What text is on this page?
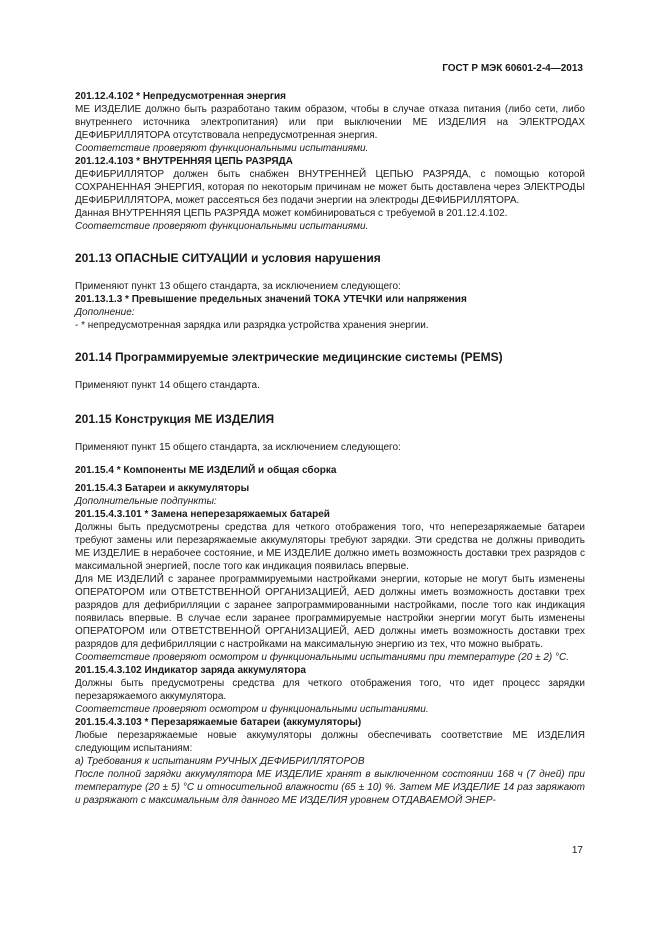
ГОСТ Р МЭК 60601-2-4—2013

201.12.4.102 * Непредусмотренная энергия

МЕ ИЗДЕЛИЕ должно быть разработано таким образом, чтобы в случае отказа питания (либо сети, либо внутреннего источника электропитания) или при выключении МЕ ИЗДЕЛИЯ на ЭЛЕКТРОДАХ ДЕФИБРИЛЛЯТОРА отсутствовала непредусмотренная энергия.

Соответствие проверяют функциональными испытаниями.

201.12.4.103 * ВНУТРЕННЯЯ ЦЕПЬ РАЗРЯДА

ДЕФИБРИЛЛЯТОР должен быть снабжен ВНУТРЕННЕЙ ЦЕПЬЮ РАЗРЯДА, с помощью которой СОХРАНЕННАЯ ЭНЕРГИЯ, которая по некоторым причинам не может быть доставлена через ЭЛЕКТРОДЫ ДЕФИБРИЛЛЯТОРА, может рассеяться без подачи энергии на электроды ДЕФИБРИЛЛЯТОРА.

Данная ВНУТРЕННЯЯ ЦЕПЬ РАЗРЯДА может комбинироваться с требуемой в 201.12.4.102.

Соответствие проверяют функциональными испытаниями.

201.13 ОПАСНЫЕ СИТУАЦИИ и условия нарушения

Применяют пункт 13 общего стандарта, за исключением следующего:

201.13.1.3 * Превышение предельных значений ТОКА УТЕЧКИ или напряжения

Дополнение:

- * непредусмотренная зарядка или разрядка устройства хранения энергии.

201.14 Программируемые электрические медицинские системы (PEMS)

Применяют пункт 14 общего стандарта.

201.15 Конструкция МЕ ИЗДЕЛИЯ

Применяют пункт 15 общего стандарта, за исключением следующего:

201.15.4 * Компоненты МЕ ИЗДЕЛИЙ и общая сборка

201.15.4.3 Батареи и аккумуляторы

Дополнительные подпункты:

201.15.4.3.101 * Замена неперезаряжаемых батарей

Должны быть предусмотрены средства для четкого отображения того, что неперезаряжаемые батареи требуют замены или перезаряжаемые аккумуляторы требуют зарядки. Эти средства не должны приводить МЕ ИЗДЕЛИЕ в нерабочее состояние, и МЕ ИЗДЕЛИЕ должно иметь возможность доставки трех разрядов с максимальной энергией, после того как индикация появилась впервые.

Для МЕ ИЗДЕЛИЙ с заранее программируемыми настройками энергии, которые не могут быть изменены ОПЕРАТОРОМ или ОТВЕТСТВЕННОЙ ОРГАНИЗАЦИЕЙ, AED должны иметь возможность доставки трех разрядов для дефибрилляции с заранее запрограммированными настройками, после того как индикация появилась впервые. В случае если заранее программируемые настройки энергии могут быть изменены ОПЕРАТОРОМ или ОТВЕТСТВЕННОЙ ОРГАНИЗАЦИЕЙ, AED должны иметь возможность доставки трех разрядов для дефибрилляции с настройками на максимальную энергию из тех, что можно выбрать.

Соответствие проверяют осмотром и функциональными испытаниями при температуре (20 ± 2) °С.

201.15.4.3.102 Индикатор заряда аккумулятора

Должны быть предусмотрены средства для четкого отображения того, что идет процесс зарядки перезаряжаемого аккумулятора.

Соответствие проверяют осмотром и функциональными испытаниями.

201.15.4.3.103 * Перезаряжаемые батареи (аккумуляторы)

Любые перезаряжаемые новые аккумуляторы должны обеспечивать соответствие МЕ ИЗДЕЛИЯ следующим испытаниям:

а) Требования к испытаниям РУЧНЫХ ДЕФИБРИЛЛЯТОРОВ

После полной зарядки аккумулятора МЕ ИЗДЕЛИЕ хранят в выключенном состоянии 168 ч (7 дней) при температуре (20 ± 5) °С и относительной влажности (65 ± 10) %. Затем МЕ ИЗДЕЛИЕ 14 раз заряжают и разряжают с максимальным для данного МЕ ИЗДЕЛИЯ уровнем ОТДАВАЕМОЙ ЭНЕР-

17
